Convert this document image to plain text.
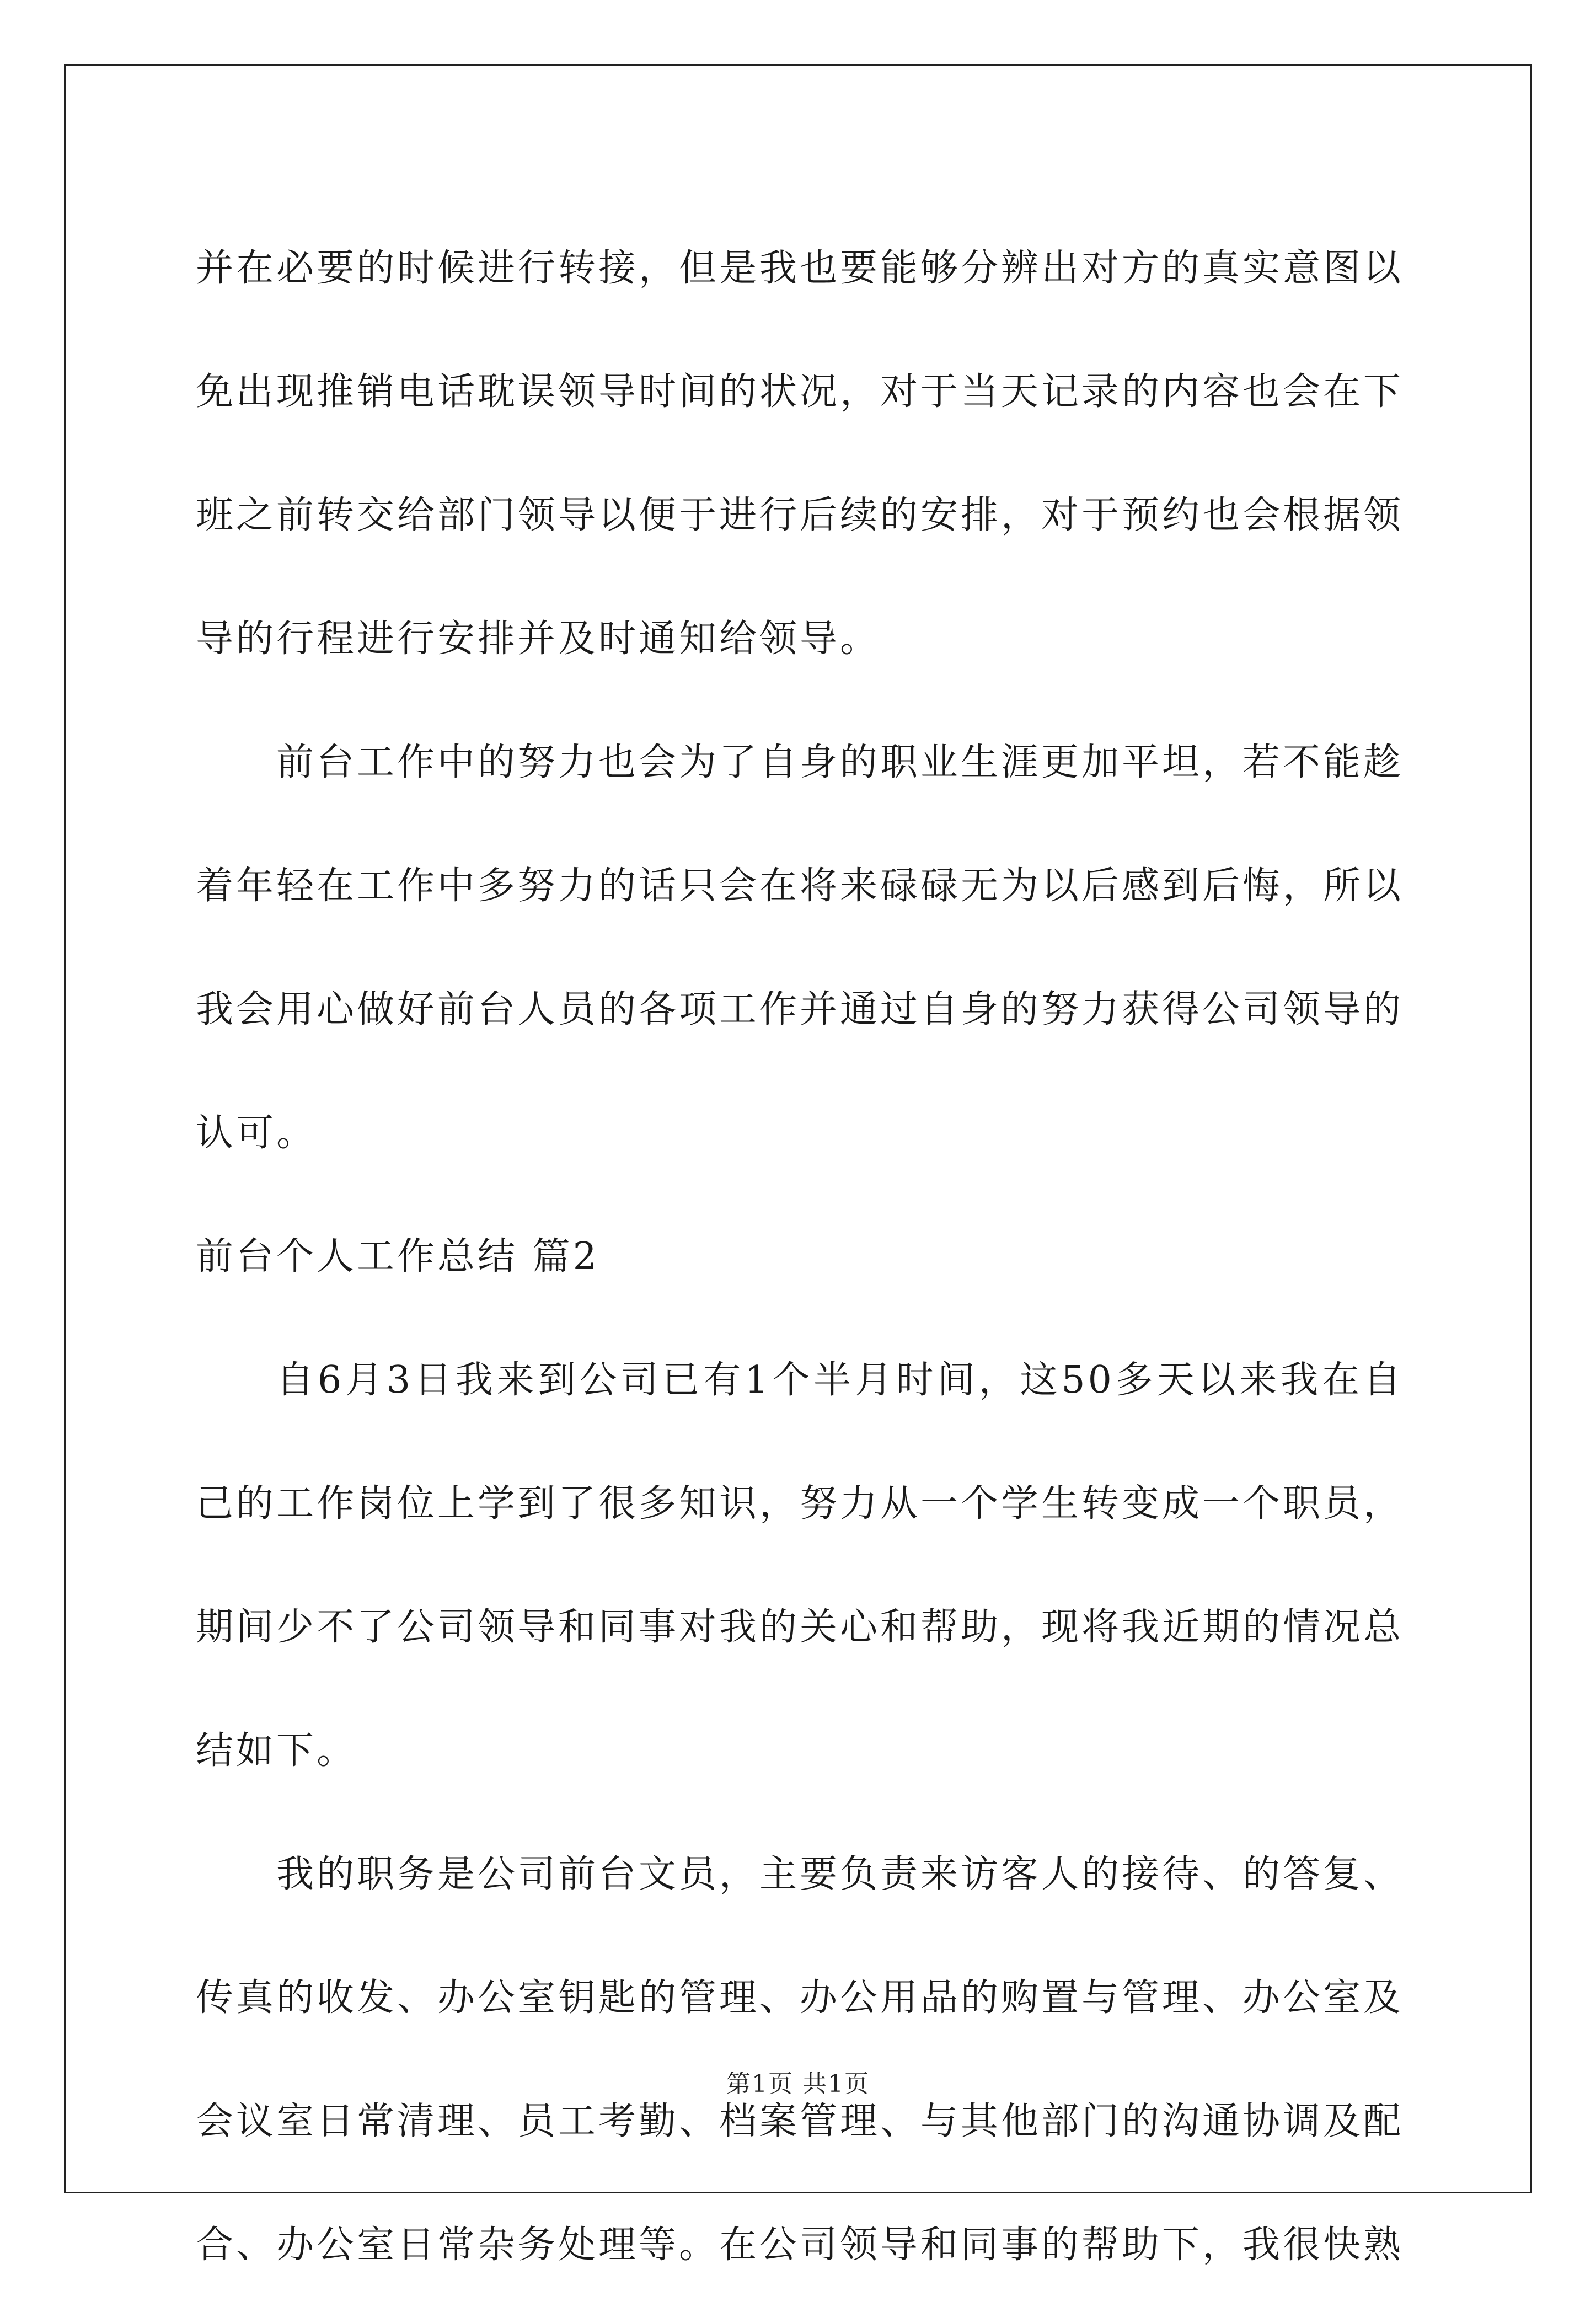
并在必要的时候进行转接，但是我也要能够分辨出对方的真实意图以免出现推销电话耽误领导时间的状况，对于当天记录的内容也会在下班之前转交给部门领导以便于进行后续的安排，对于预约也会根据领导的行程进行安排并及时通知给领导。

前台工作中的努力也会为了自身的职业生涯更加平坦，若不能趁着年轻在工作中多努力的话只会在将来碌碌无为以后感到后悔，所以我会用心做好前台人员的各项工作并通过自身的努力获得公司领导的认可。

前台个人工作总结 篇2

自6月3日我来到公司已有1个半月时间，这50多天以来我在自己的工作岗位上学到了很多知识，努力从一个学生转变成一个职员，期间少不了公司领导和同事对我的关心和帮助，现将我近期的情况总结如下。

我的职务是公司前台文员，主要负责来访客人的接待、的答复、传真的收发、办公室钥匙的管理、办公用品的购置与管理、办公室及会议室日常清理、员工考勤、档案管理、与其他部门的沟通协调及配合、办公室日常杂务处理等。在公司领导和同事的帮助下，我很快熟

第1页 共1页
